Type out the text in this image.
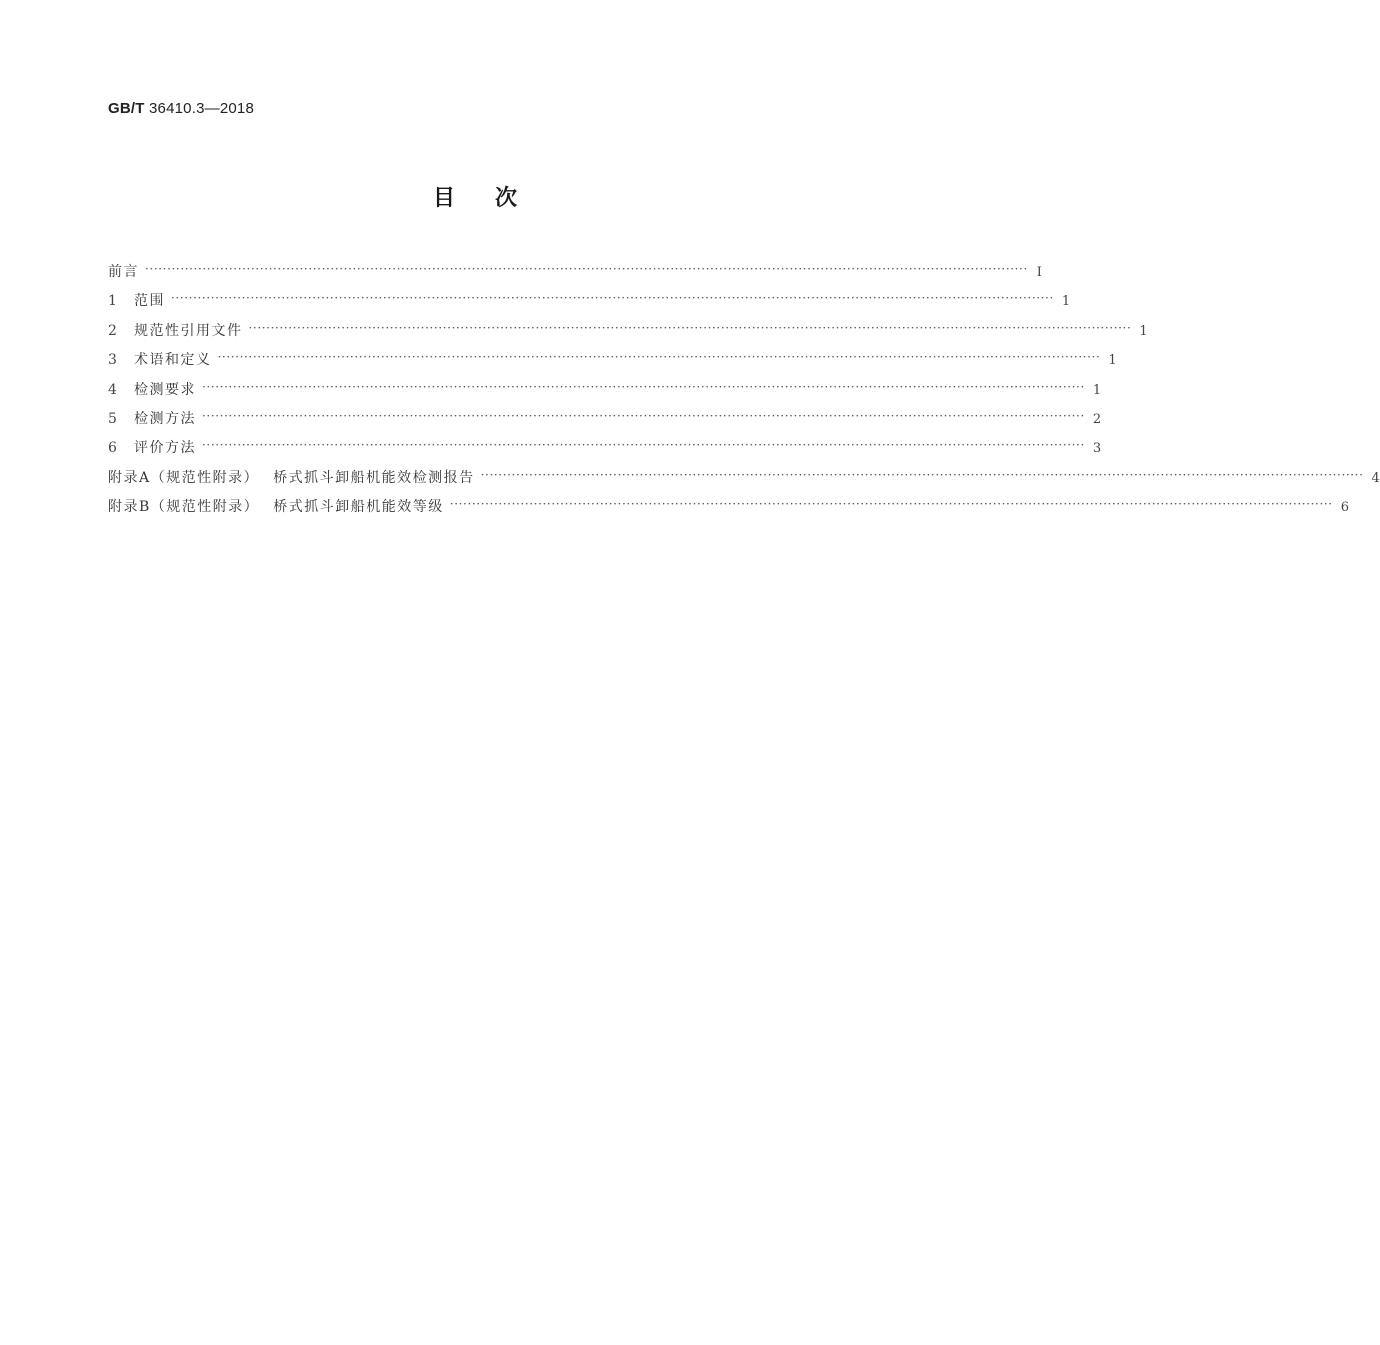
GB/T 36410.3—2018
目次
前言 ········································································································································································································ Ⅰ
1	范围 ········································································································································································································ 1
2	规范性引用文件 ········································································································································································································ 1
3	术语和定义 ········································································································································································································ 1
4	检测要求 ········································································································································································································ 1
5	检测方法 ········································································································································································································ 2
6	评价方法 ········································································································································································································ 3
附录A（规范性附录） 桥式抓斗卸船机能效检测报告 ········································································································································································································ 4
附录B（规范性附录） 桥式抓斗卸船机能效等级 ········································································································································································································ 6
